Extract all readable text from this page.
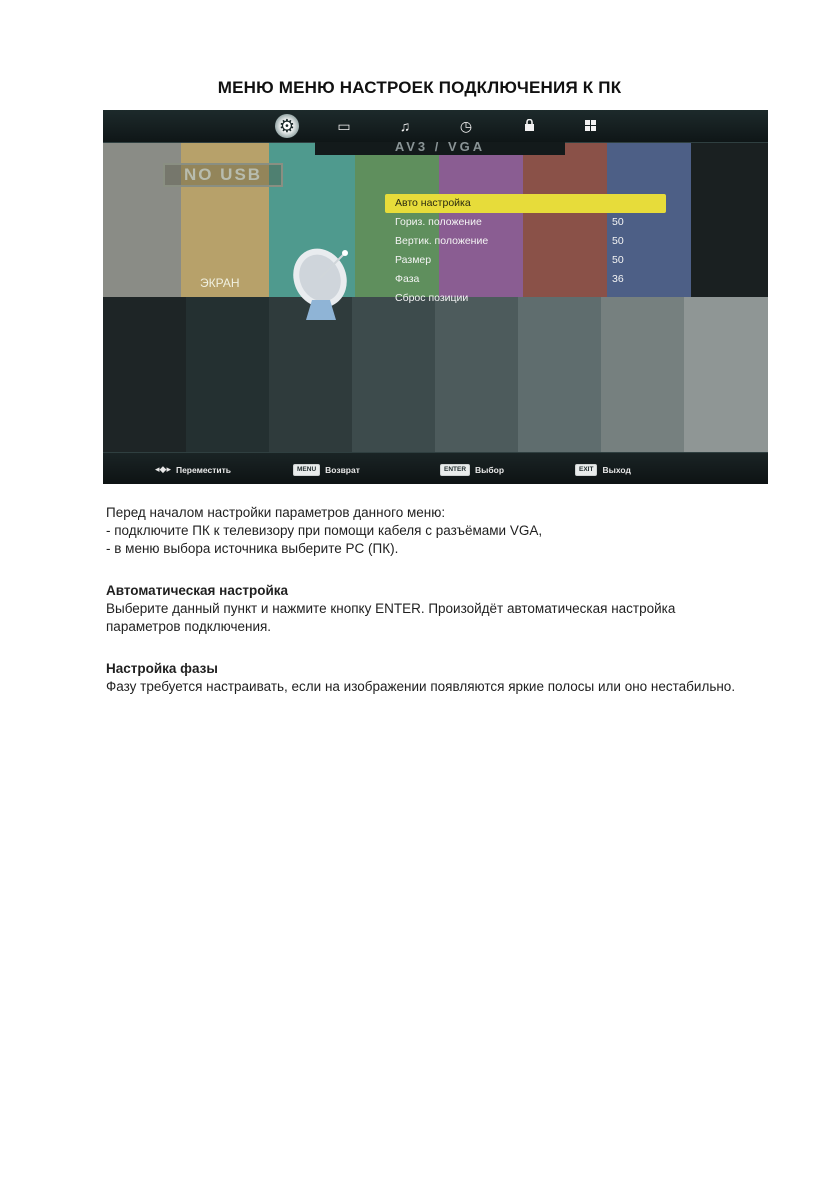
МЕНЮ МЕНЮ НАСТРОЕК ПОДКЛЮЧЕНИЯ К ПК
⚙	▭	♫	◷
AV3 / VGA
NO USB
ЭКРАН
Авто настройка
Гориз. положение	50
Вертик. положение	50
Размер	50
Фаза	36
Сброс позиции
◂◆▸ Переместить	MENU	Возврат	ENTER	Выбор	EXIT	Выход
Перед началом настройки параметров данного меню:
- подключите ПК к телевизору при помощи кабеля с разъёмами VGA,
- в меню выбора источника выберите PC (ПК).
Автоматическая настройка
Выберите данный пункт и нажмите кнопку ENTER. Произойдёт автоматическая настройка параметров подключения.
Настройка фазы
Фазу требуется настраивать, если на изображении появляются яркие полосы или оно нестабильно.
